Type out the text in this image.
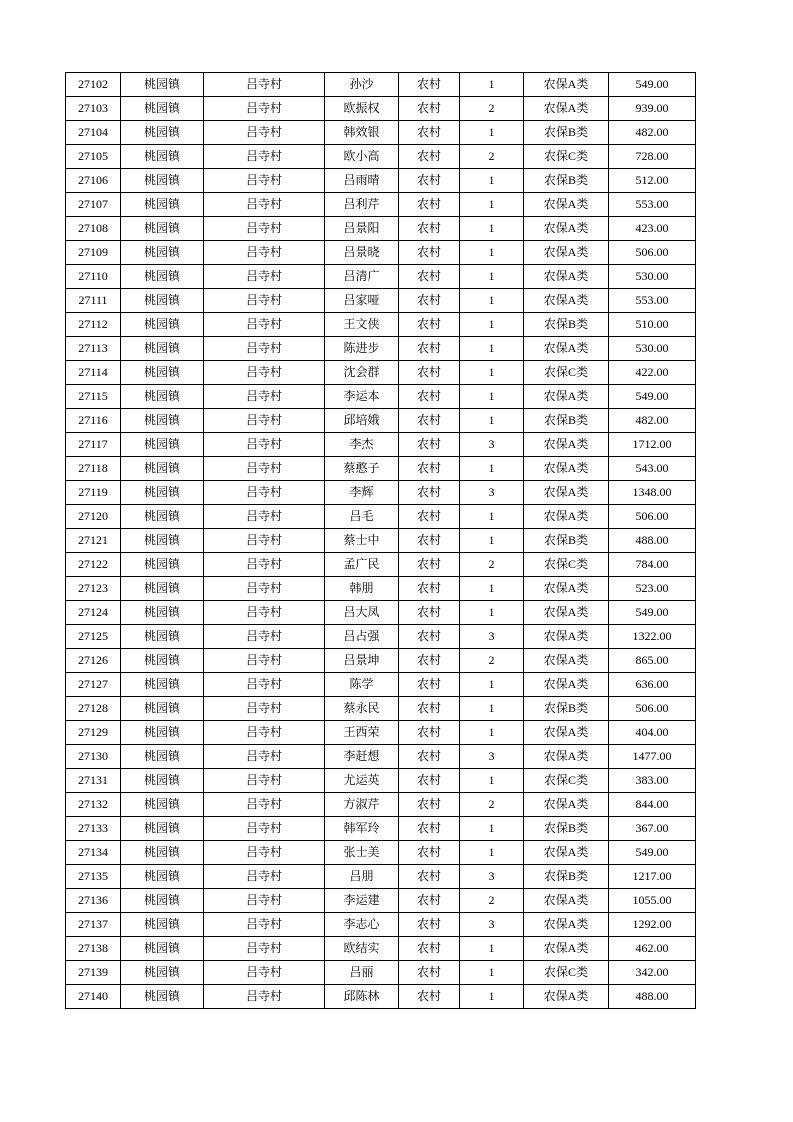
27102	桃园镇	吕寺村	孙沙	农村	1	农保A类	549.00
27103	桃园镇	吕寺村	欧振权	农村	2	农保A类	939.00
27104	桃园镇	吕寺村	韩效银	农村	1	农保B类	482.00
27105	桃园镇	吕寺村	欧小高	农村	2	农保C类	728.00
27106	桃园镇	吕寺村	吕雨晴	农村	1	农保B类	512.00
27107	桃园镇	吕寺村	吕利芹	农村	1	农保A类	553.00
27108	桃园镇	吕寺村	吕景阳	农村	1	农保A类	423.00
27109	桃园镇	吕寺村	吕景晓	农村	1	农保A类	506.00
27110	桃园镇	吕寺村	吕清广	农村	1	农保A类	530.00
27111	桃园镇	吕寺村	吕家哑	农村	1	农保A类	553.00
27112	桃园镇	吕寺村	王文侠	农村	1	农保B类	510.00
27113	桃园镇	吕寺村	陈进步	农村	1	农保A类	530.00
27114	桃园镇	吕寺村	沈会群	农村	1	农保C类	422.00
27115	桃园镇	吕寺村	李运本	农村	1	农保A类	549.00
27116	桃园镇	吕寺村	邱培娥	农村	1	农保B类	482.00
27117	桃园镇	吕寺村	李杰	农村	3	农保A类	1712.00
27118	桃园镇	吕寺村	蔡憨子	农村	1	农保A类	543.00
27119	桃园镇	吕寺村	李辉	农村	3	农保A类	1348.00
27120	桃园镇	吕寺村	吕毛	农村	1	农保A类	506.00
27121	桃园镇	吕寺村	蔡士中	农村	1	农保B类	488.00
27122	桃园镇	吕寺村	孟广民	农村	2	农保C类	784.00
27123	桃园镇	吕寺村	韩朋	农村	1	农保A类	523.00
27124	桃园镇	吕寺村	吕大凤	农村	1	农保A类	549.00
27125	桃园镇	吕寺村	吕占强	农村	3	农保A类	1322.00
27126	桃园镇	吕寺村	吕景坤	农村	2	农保A类	865.00
27127	桃园镇	吕寺村	陈学	农村	1	农保A类	636.00
27128	桃园镇	吕寺村	蔡永民	农村	1	农保B类	506.00
27129	桃园镇	吕寺村	王西荣	农村	1	农保A类	404.00
27130	桃园镇	吕寺村	李赶想	农村	3	农保A类	1477.00
27131	桃园镇	吕寺村	尤运英	农村	1	农保C类	383.00
27132	桃园镇	吕寺村	方淑芹	农村	2	农保A类	844.00
27133	桃园镇	吕寺村	韩军玲	农村	1	农保B类	367.00
27134	桃园镇	吕寺村	张士美	农村	1	农保A类	549.00
27135	桃园镇	吕寺村	吕朋	农村	3	农保B类	1217.00
27136	桃园镇	吕寺村	李运建	农村	2	农保A类	1055.00
27137	桃园镇	吕寺村	李志心	农村	3	农保A类	1292.00
27138	桃园镇	吕寺村	欧结实	农村	1	农保A类	462.00
27139	桃园镇	吕寺村	吕丽	农村	1	农保C类	342.00
27140	桃园镇	吕寺村	邱陈林	农村	1	农保A类	488.00
